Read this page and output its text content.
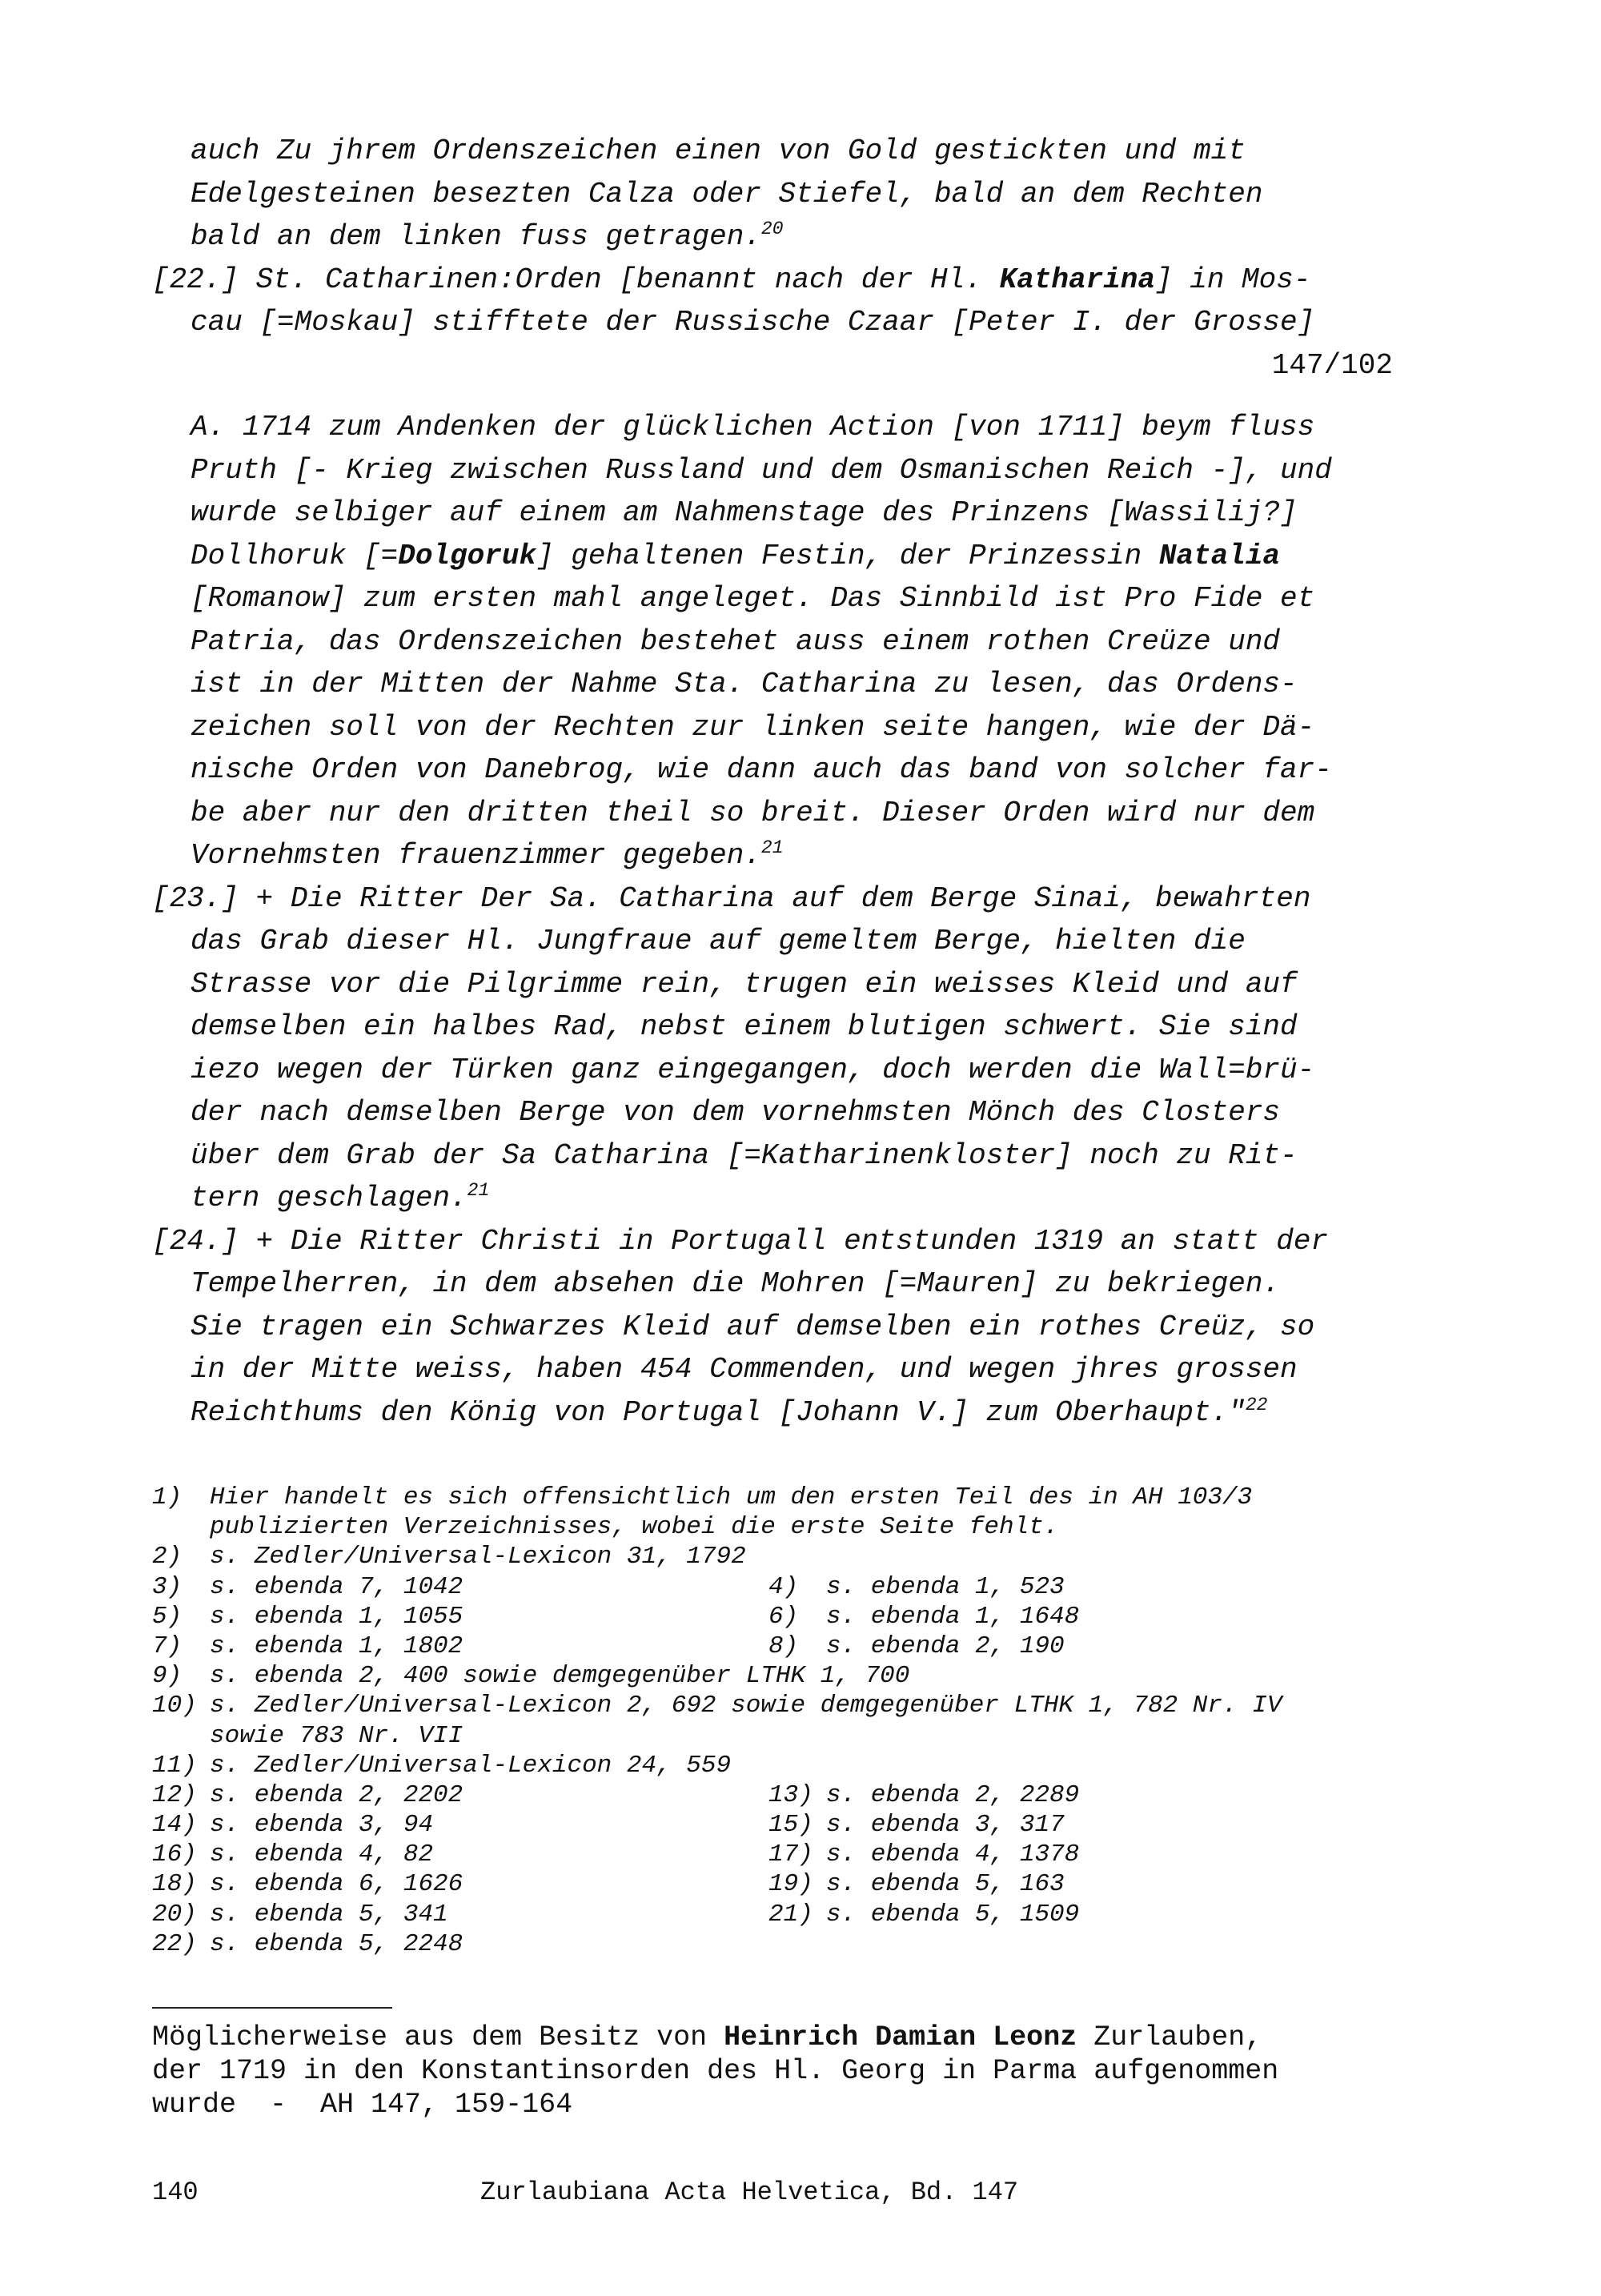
auch Zu jhrem Ordenszeichen einen von Gold gestickten und mit
Edelgesteinen besezten Calza oder Stiefel, bald an dem Rechten
bald an dem linken fuss getragen.$^{20}$
[22.] St. Catharinen:Orden [benannt nach der Hl. Katharina] in Mos-
cau [=Moskau] stifftete der Russische Czaar [Peter I. der Grosse]
147/102
A. 1714 zum Andenken der glücklichen Action [von 1711] beym fluss
Pruth [- Krieg zwischen Russland und dem Osmanischen Reich -], und
wurde selbiger auf einem am Nahmenstage des Prinzens [Wassilij?]
Dollhoruk [=Dolgoruk] gehaltenen Festin, der Prinzessin Natalia
[Romanow] zum ersten mahl angeleget. Das Sinnbild ist Pro Fide et
Patria, das Ordenszeichen bestehet auss einem rothen Creüze und
ist in der Mitten der Nahme Sta. Catharina zu lesen, das Ordens-
zeichen soll von der Rechten zur linken seite hangen, wie der Dä-
nische Orden von Danebrog, wie dann auch das band von solcher far-
be aber nur den dritten theil so breit. Dieser Orden wird nur dem
Vornehmsten frauenzimmer gegeben.$^{21}$
[23.] + Die Ritter Der Sa. Catharina auf dem Berge Sinai, bewahrten
das Grab dieser Hl. Jungfraue auf gemeltem Berge, hielten die
Strasse vor die Pilgrimme rein, trugen ein weisses Kleid und auf
demselben ein halbes Rad, nebst einem blutigen schwert. Sie sind
iezo wegen der Türken ganz eingegangen, doch werden die Wall=brü-
der nach demselben Berge von dem vornehmsten Mönch des Closters
über dem Grab der Sa Catharina [=Katharinenkloster] noch zu Rit-
tern geschlagen.$^{21}$
[24.] + Die Ritter Christi in Portugall entstunden 1319 an statt der
Tempelherren, in dem absehen die Mohren [=Mauren] zu bekriegen.
Sie tragen ein Schwarzes Kleid auf demselben ein rothes Creüz, so
in der Mitte weiss, haben 454 Commenden, und wegen jhres grossen
Reichthums den König von Portugal [Johann V.] zum Oberhaupt."$^{22}$
1)	Hier handelt es sich offensichtlich um den ersten Teil des in AH 103/3
publizierten Verzeichnisses, wobei die erste Seite fehlt.
2)	s. Zedler/Universal-Lexicon 31, 1792
3)	s. ebenda 7, 1042	4)	s. ebenda 1, 523
5)	s. ebenda 1, 1055	6)	s. ebenda 1, 1648
7)	s. ebenda 1, 1802	8)	s. ebenda 2, 190
9)	s. ebenda 2, 400 sowie demgegenüber LTHK 1, 700
10) s. Zedler/Universal-Lexicon 2, 692 sowie demgegenüber LTHK 1, 782 Nr. IV
sowie 783 Nr. VII
11) s. Zedler/Universal-Lexicon 24, 559
12) s. ebenda 2, 2202	13) s. ebenda 2, 2289
14) s. ebenda 3, 94	15) s. ebenda 3, 317
16) s. ebenda 4, 82	17) s. ebenda 4, 1378
18) s. ebenda 6, 1626	19) s. ebenda 5, 163
20) s. ebenda 5, 341	21) s. ebenda 5, 1509
22) s. ebenda 5, 2248
Möglicherweise aus dem Besitz von Heinrich Damian Leonz Zurlauben,
der 1719 in den Konstantinsorden des Hl. Georg in Parma aufgenommen
wurde  -  AH 147, 159-164

140

	Zurlaubiana Acta Helvetica, Bd. 147
